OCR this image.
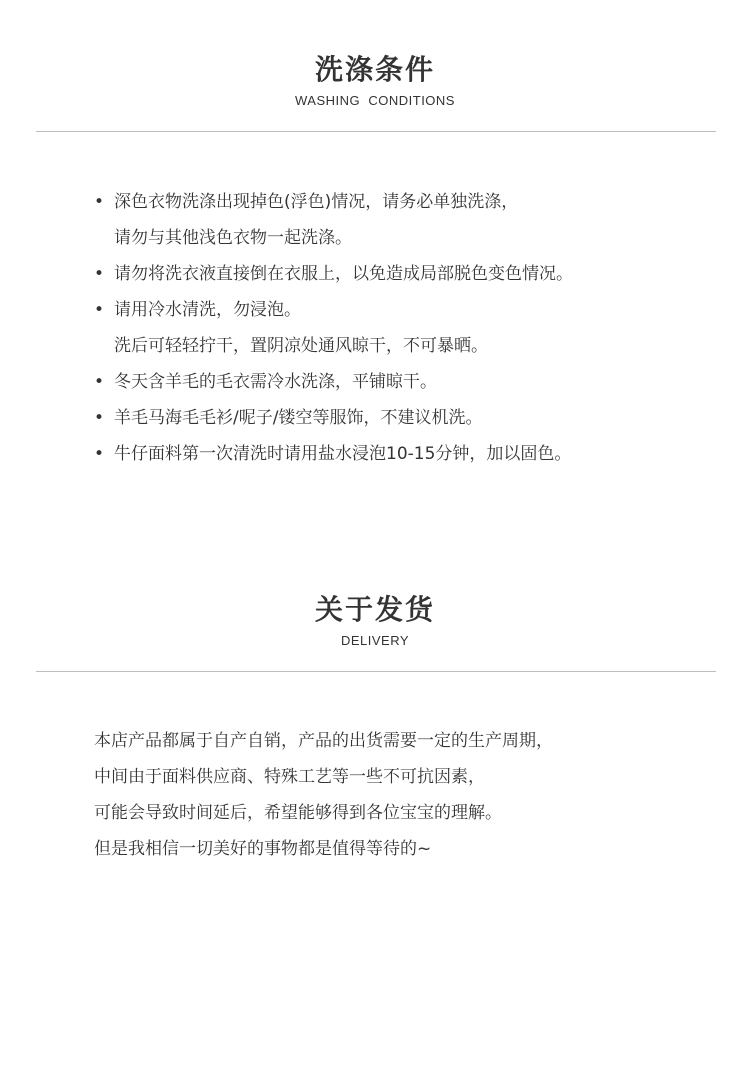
洗涤条件
WASHING  CONDITIONS
• 深色衣物洗涤出现掉色(浮色)情况，请务必单独洗涤，
请勿与其他浅色衣物一起洗涤。
• 请勿将洗衣液直接倒在衣服上，以免造成局部脱色变色情况。
• 请用冷水清洗，勿浸泡。
洗后可轻轻拧干，置阴凉处通风晾干，不可暴晒。
• 冬天含羊毛的毛衣需冷水洗涤，平铺晾干。
• 羊毛马海毛毛衫/呢子/镂空等服饰，不建议机洗。
• 牛仔面料第一次清洗时请用盐水浸泡10-15分钟，加以固色。
关于发货
DELIVERY
本店产品都属于自产自销，产品的出货需要一定的生产周期，
中间由于面料供应商、特殊工艺等一些不可抗因素，
可能会导致时间延后，希望能够得到各位宝宝的理解。
但是我相信一切美好的事物都是值得等待的~
